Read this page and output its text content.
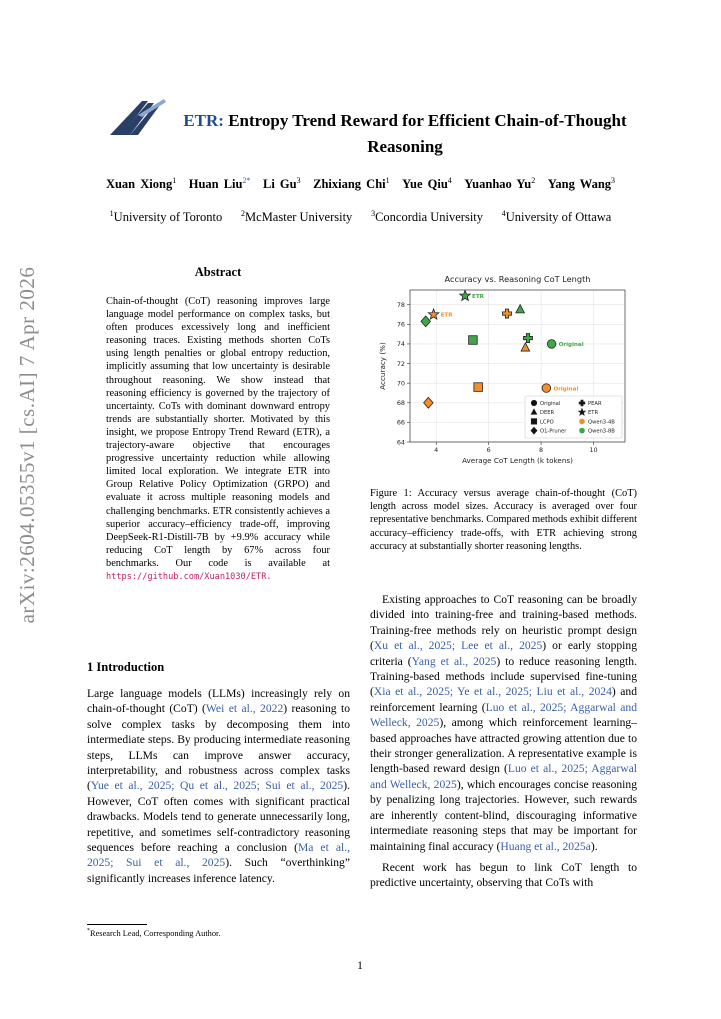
arXiv:2604.05355v1 [cs.AI] 7 Apr 2026
ETR: Entropy Trend Reward for Efficient Chain-of-Thought Reasoning
Xuan Xiong$^1$  Huan Liu$^{2*}$  Li Gu$^3$  Zhixiang Chi$^1$  Yue Qiu$^4$  Yuanhao Yu$^2$  Yang Wang$^3$
$^1$University of Toronto   $^2$McMaster University   $^3$Concordia University   $^4$University of Ottawa
Abstract
Chain-of-thought (CoT) reasoning improves large language model performance on complex tasks, but often produces excessively long and inefficient reasoning traces. Existing methods shorten CoTs using length penalties or global entropy reduction, implicitly assuming that low uncertainty is desirable throughout reasoning. We show instead that reasoning efficiency is governed by the trajectory of uncertainty. CoTs with dominant downward entropy trends are substantially shorter. Motivated by this insight, we propose Entropy Trend Reward (ETR), a trajectory-aware objective that encourages progressive uncertainty reduction while allowing limited local exploration. We integrate ETR into Group Relative Policy Optimization (GRPO) and evaluate it across multiple reasoning models and challenging benchmarks. ETR consistently achieves a superior accuracy–efficiency trade-off, improving DeepSeek-R1-Distill-7B by +9.9% accuracy while reducing CoT length by 67% across four benchmarks. Our code is available at https://github.com/Xuan1030/ETR.
1 Introduction
Large language models (LLMs) increasingly rely on chain-of-thought (CoT) (Wei et al., 2022) reasoning to solve complex tasks by decomposing them into intermediate steps. By producing intermediate reasoning steps, LLMs can improve answer accuracy, interpretability, and robustness across complex tasks (Yue et al., 2025; Qu et al., 2025; Sui et al., 2025). However, CoT often comes with significant practical drawbacks. Models tend to generate unnecessarily long, repetitive, and sometimes self-contradictory reasoning sequences before reaching a conclusion (Ma et al., 2025; Sui et al., 2025). Such “overthinking” significantly increases inference latency.
*Research Lead, Corresponding Author.
Accuracy vs. Reasoning CoT Length
64
66
68
70
72
74
76
78
4	6	8	10
Average CoT Length (k tokens)
Accuracy (%)
ETR
ETR
Original
Original
Original	PEAR
DEER	ETR
LCPO	Qwen3-4B
O1-Pruner	Qwen3-8B
Figure 1: Accuracy versus average chain-of-thought (CoT) length across model sizes. Accuracy is averaged over four representative benchmarks. Compared methods exhibit different accuracy–efficiency trade-offs, with ETR achieving strong accuracy at substantially shorter reasoning lengths.

Existing approaches to CoT reasoning can be broadly divided into training-free and training-based methods. Training-free methods rely on heuristic prompt design (Xu et al., 2025; Lee et al., 2025) or early stopping criteria (Yang et al., 2025) to reduce reasoning length. Training-based methods include supervised fine-tuning (Xia et al., 2025; Ye et al., 2025; Liu et al., 2024) and reinforcement learning (Luo et al., 2025; Aggarwal and Welleck, 2025), among which reinforcement learning–based approaches have attracted growing attention due to their stronger generalization. A representative example is length-based reward design (Luo et al., 2025; Aggarwal and Welleck, 2025), which encourages concise reasoning by penalizing long trajectories. However, such rewards are inherently content-blind, discouraging informative intermediate reasoning steps that may be important for maintaining final accuracy (Huang et al., 2025a).

Recent work has begun to link CoT length to predictive uncertainty, observing that CoTs with

1
